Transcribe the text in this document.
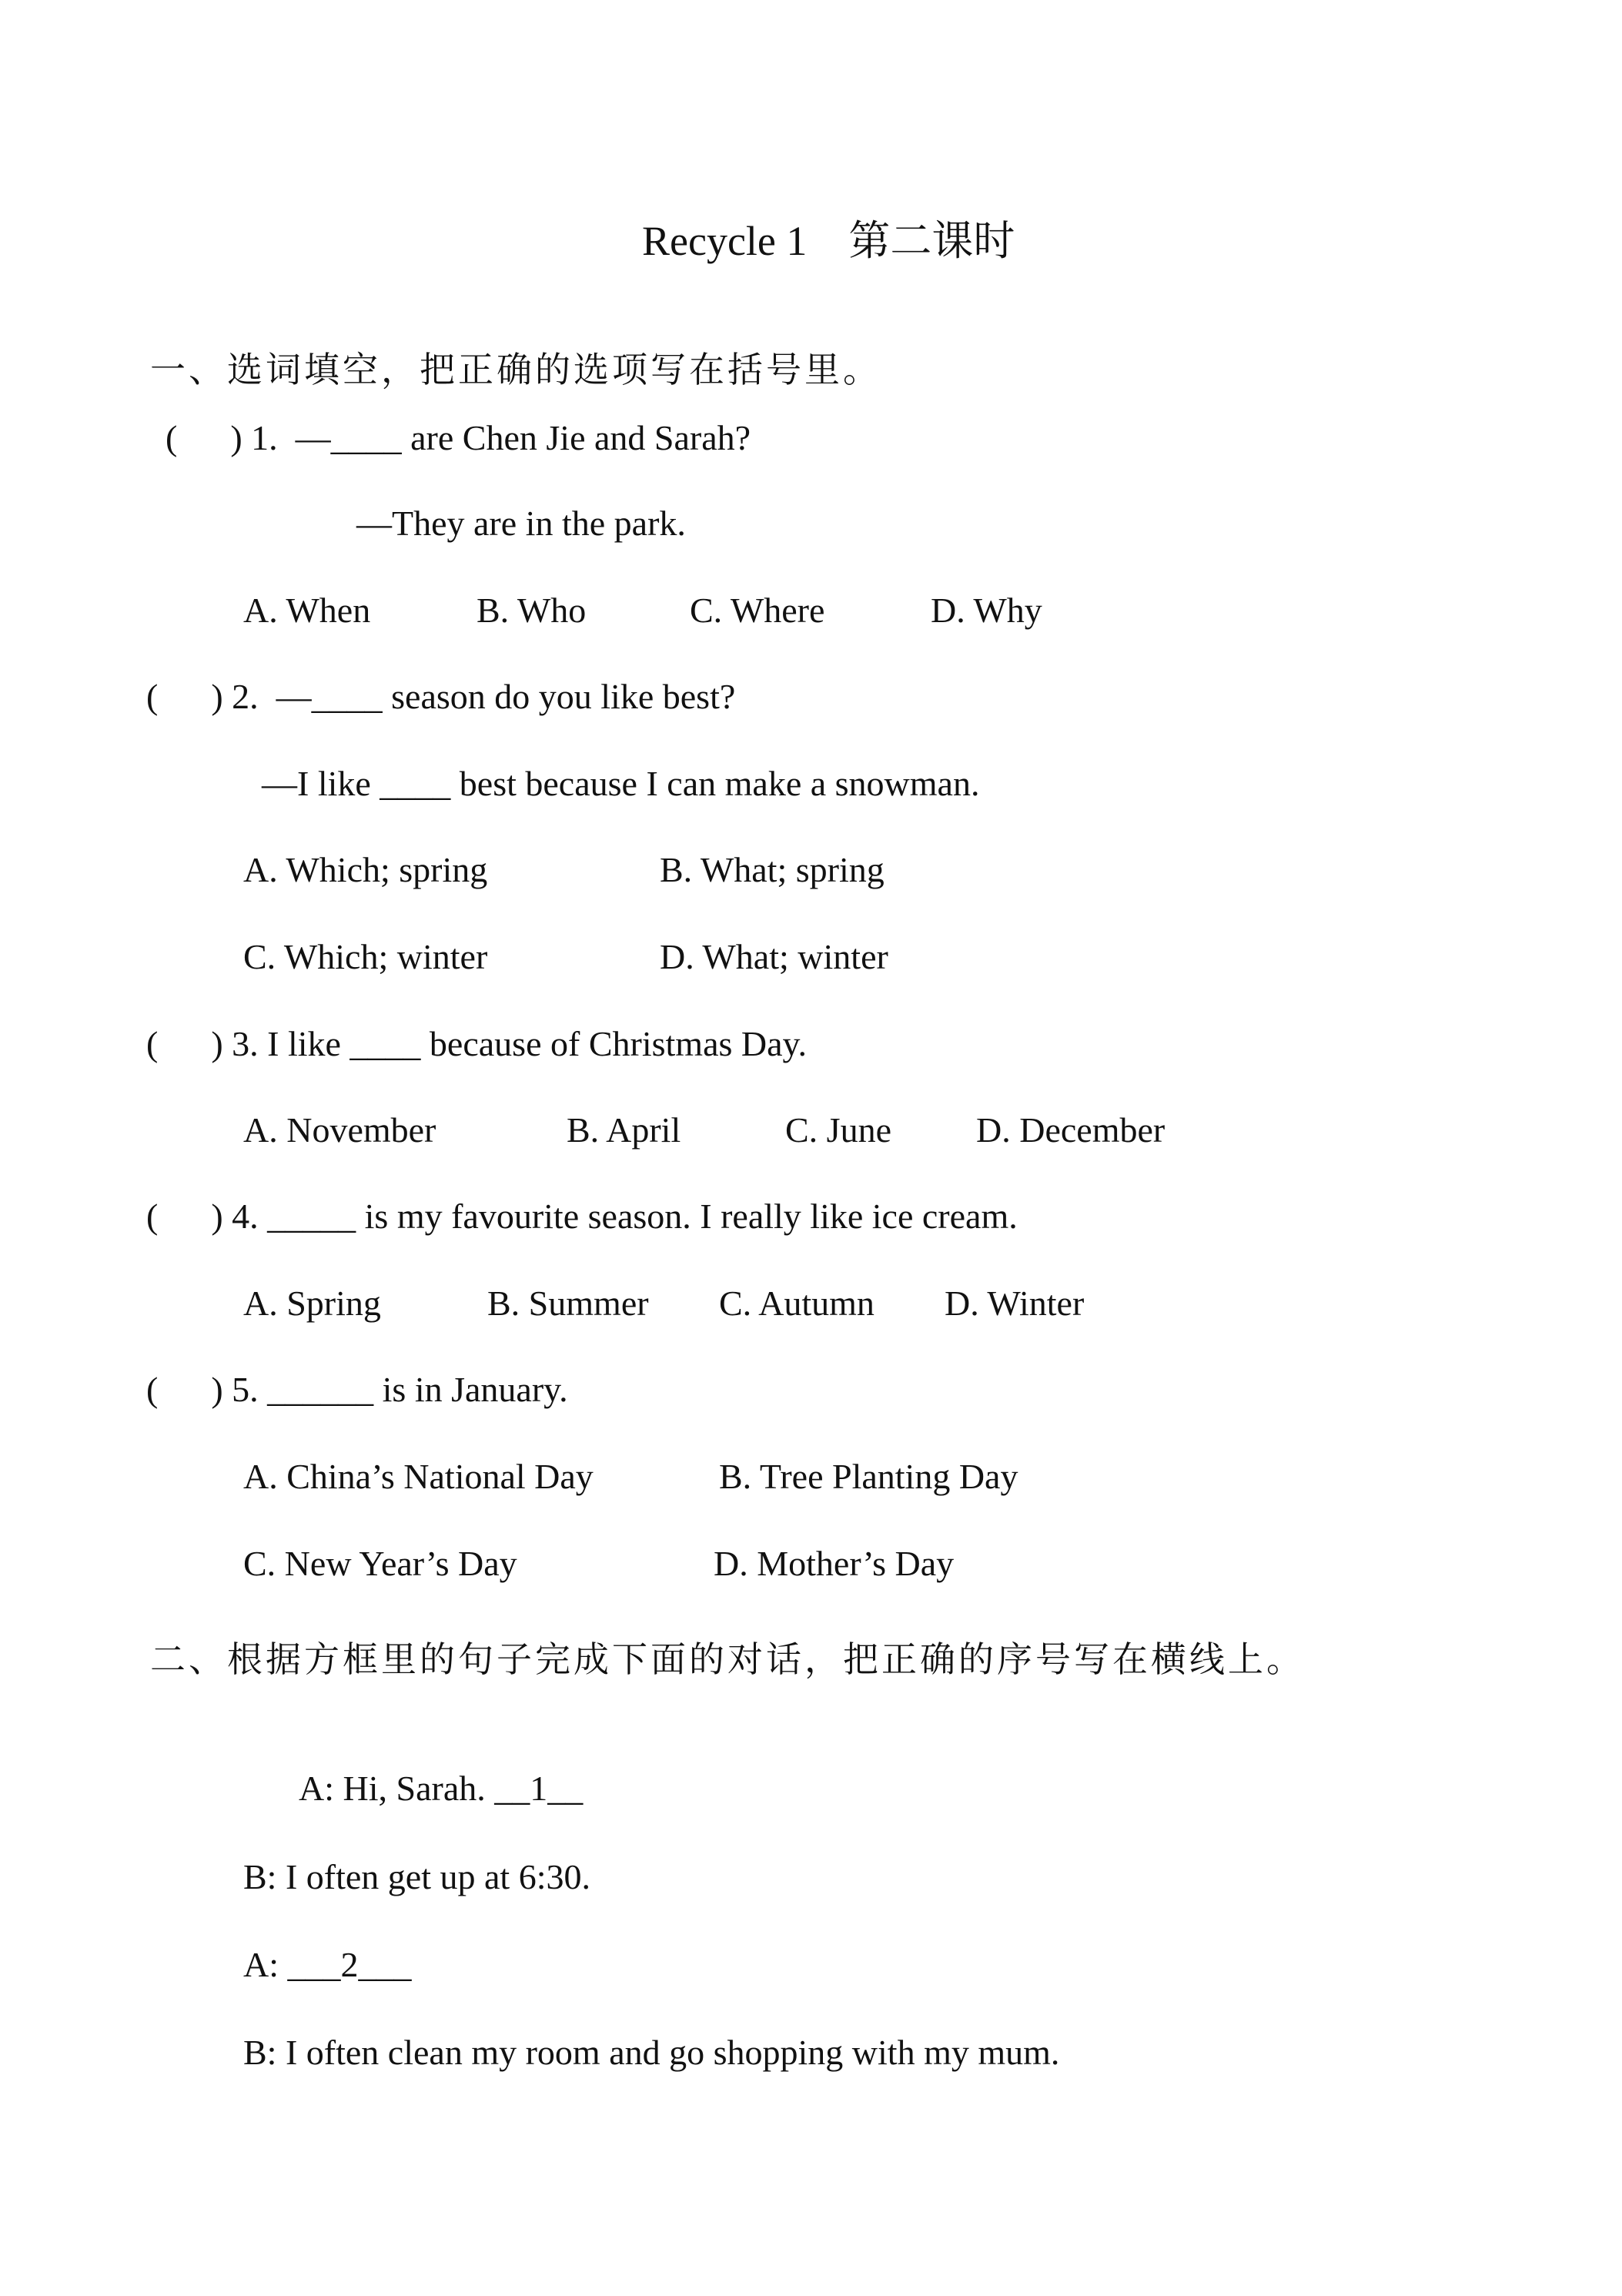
Recycle 1    第二课时
一、选词填空，把正确的选项写在括号里。
(      ) 1.  —____ are Chen Jie and Sarah?
—They are in the park.
A. When	B. Who	C. Where	D. Why
(      ) 2.  —____ season do you like best?
—I like ____ best because I can make a snowman.
A. Which; spring	B. What; spring
C. Which; winter	D. What; winter
(      ) 3. I like ____ because of Christmas Day.
A. November	B. April	C. June D. December
(      ) 4. _____ is my favourite season. I really like ice cream.
A. Spring	B. Summer C. Autumn D. Winter
(      ) 5. ______ is in January.
A. China’s National Day	B. Tree Planting Day
C. New Year’s Day	D. Mother’s Day
二、根据方框里的句子完成下面的对话，把正确的序号写在横线上。
A: Hi, Sarah. __1__
B: I often get up at 6:30.
A: ___2___
B: I often clean my room and go shopping with my mum.
